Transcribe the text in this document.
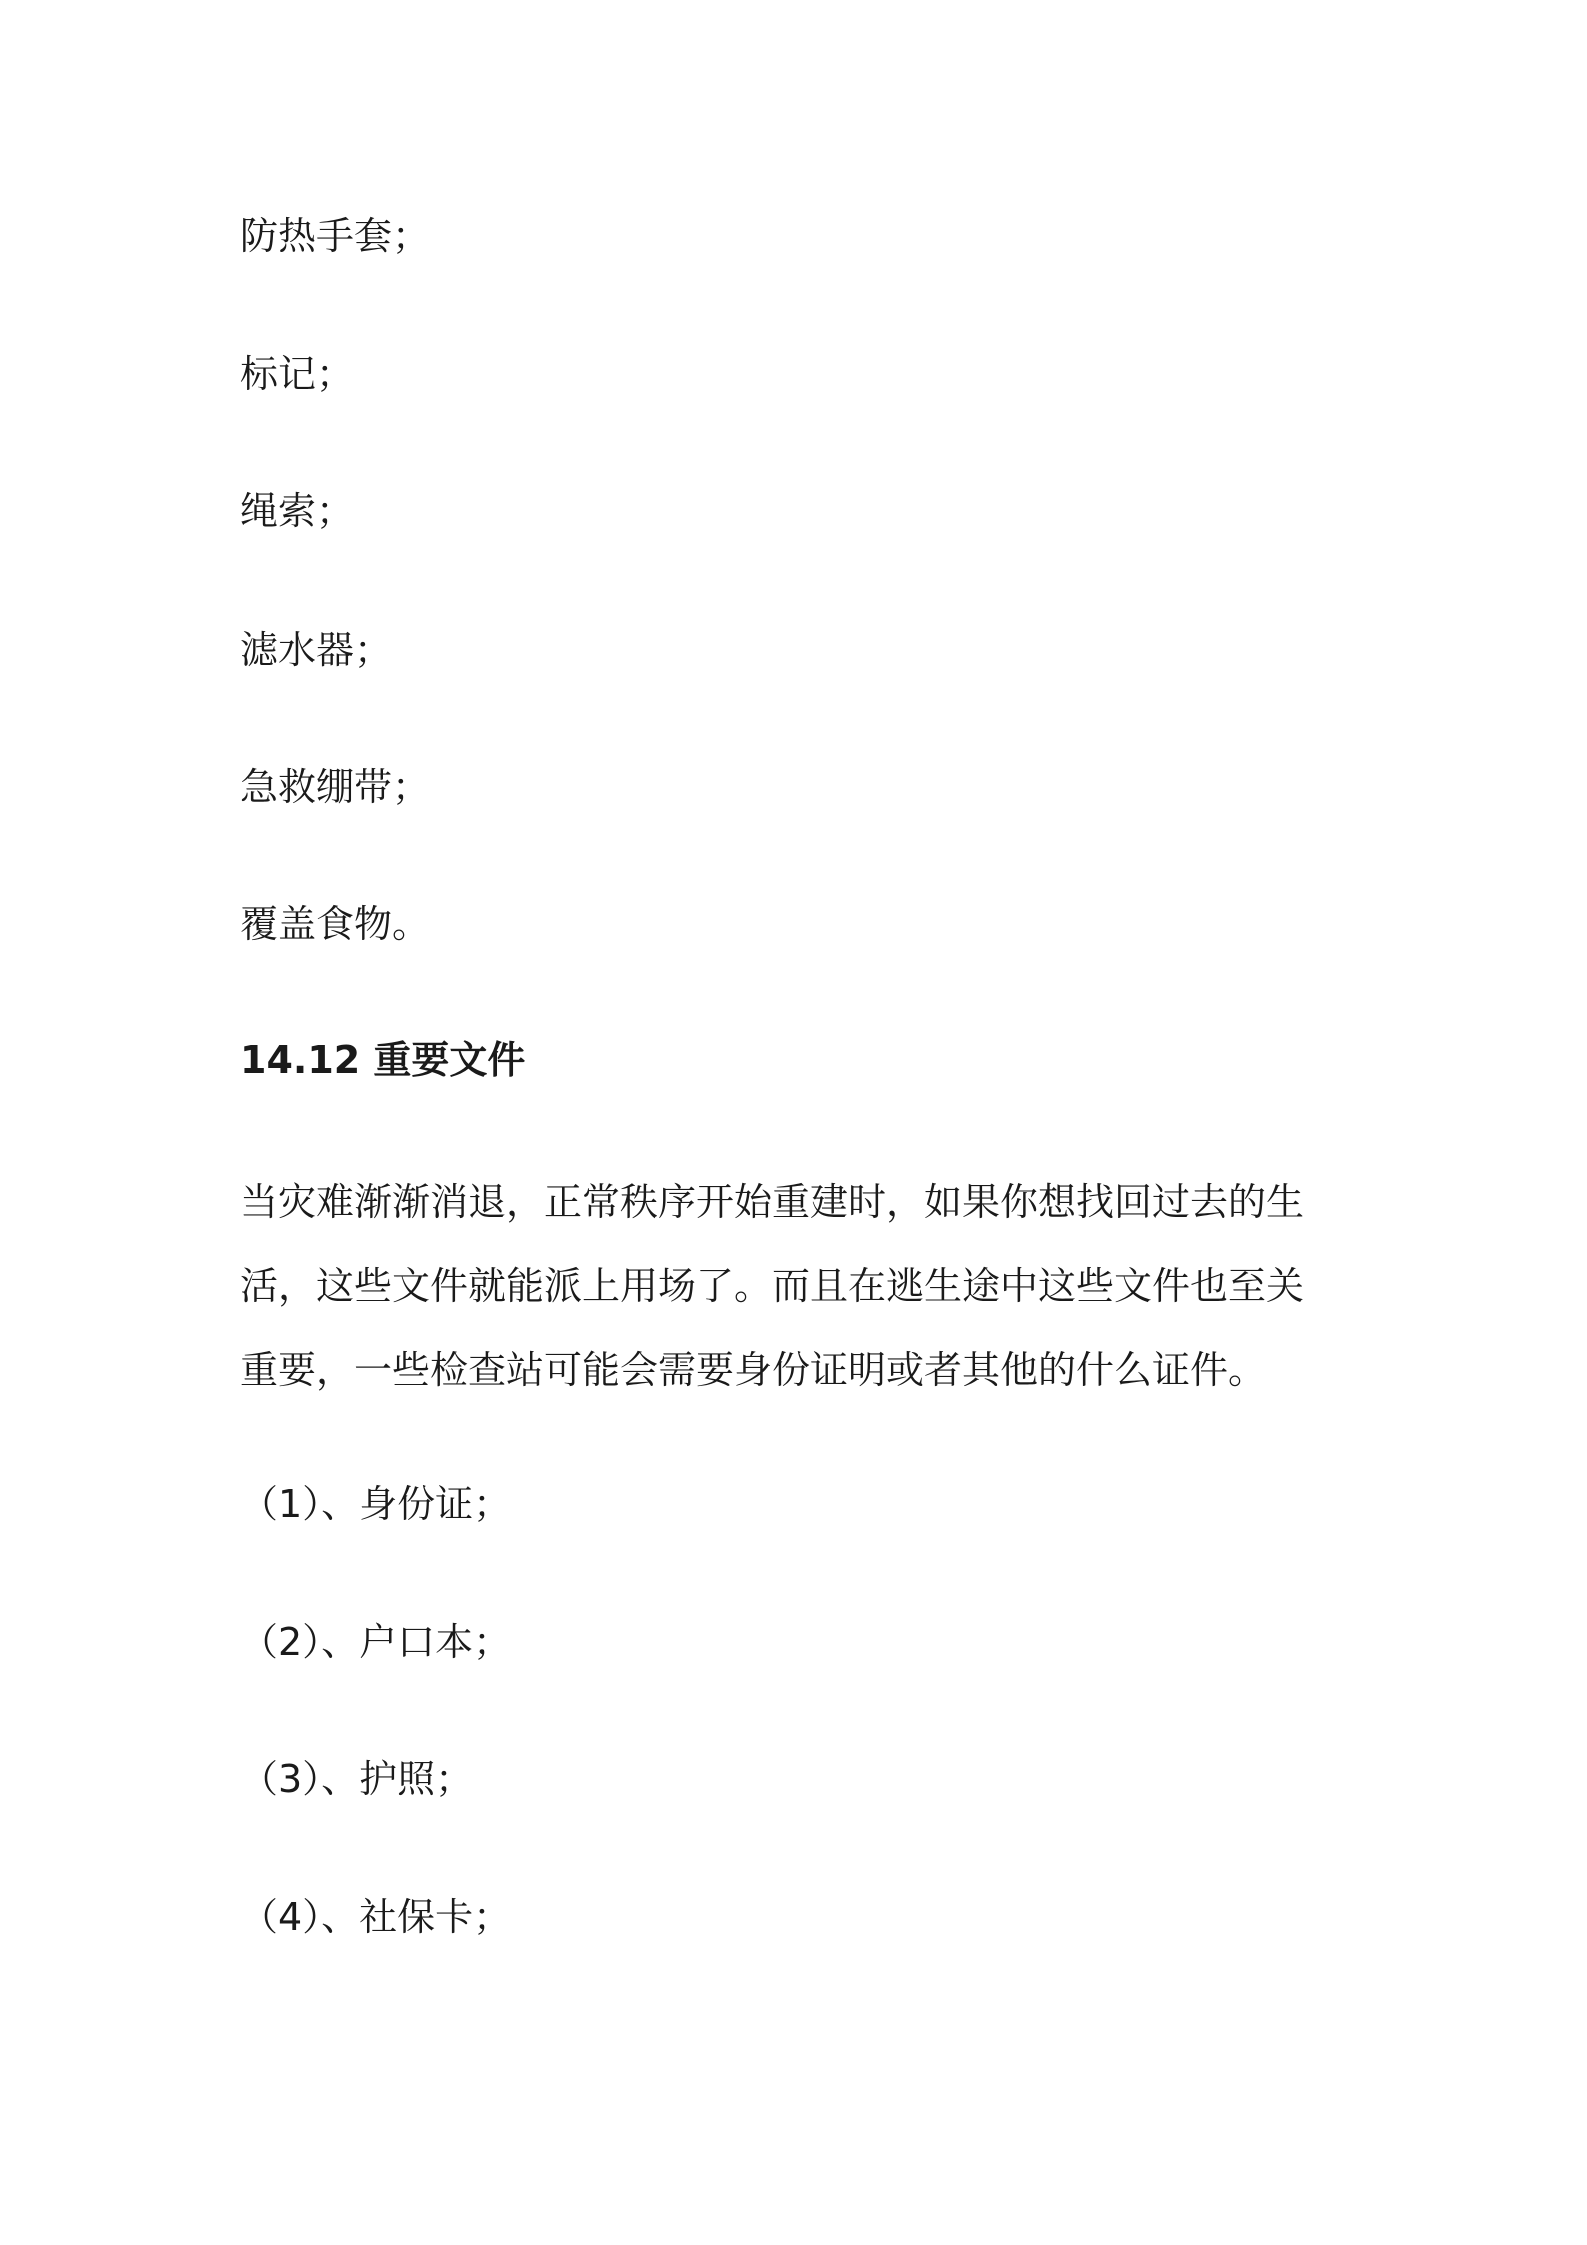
防热手套；
标记；
绳索；
滤水器；
急救绷带；
覆盖食物。
14.12 重要文件
当灾难渐渐消退，正常秩序开始重建时，如果你想找回过去的生
活，这些文件就能派上用场了。而且在逃生途中这些文件也至关
重要，一些检查站可能会需要身份证明或者其他的什么证件。
（1）、身份证；
（2）、户口本；
（3）、护照；
（4）、社保卡；
